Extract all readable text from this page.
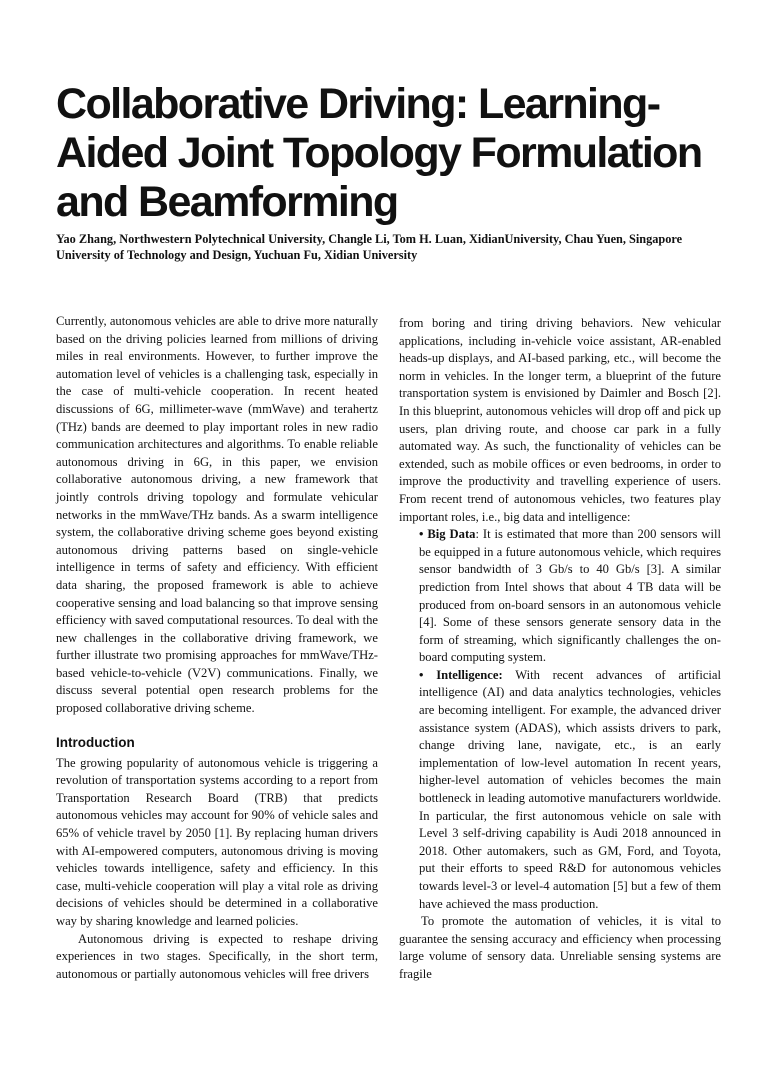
Collaborative Driving: Learning-Aided Joint Topology Formulation and Beamforming

Yao Zhang, Northwestern Polytechnical University, Changle Li, Tom H. Luan, XidianUniversity, Chau Yuen, Singapore University of Technology and Design, Yuchuan Fu, Xidian University

Currently, autonomous vehicles are able to drive more naturally based on the driving policies learned from millions of driving miles in real environments. However, to further improve the automation level of vehicles is a challenging task, especially in the case of multi-vehicle cooperation. In recent heated discussions of 6G, millimeter-wave (mmWave) and terahertz (THz) bands are deemed to play important roles in new radio communication architectures and algorithms. To enable reliable autonomous driving in 6G, in this paper, we envision collaborative autonomous driving, a new framework that jointly controls driving topology and formulate vehicular networks in the mmWave/THz bands. As a swarm intelligence system, the collaborative driving scheme goes beyond existing autonomous driving patterns based on single-vehicle intelligence in terms of safety and efficiency. With efficient data sharing, the proposed framework is able to achieve cooperative sensing and load balancing so that improve sensing efficiency with saved computational resources. To deal with the new challenges in the collaborative driving framework, we further illustrate two promising approaches for mmWave/THz-based vehicle-to-vehicle (V2V) communications. Finally, we discuss several potential open research problems for the proposed collaborative driving scheme.

Introduction

The growing popularity of autonomous vehicle is triggering a revolution of transportation systems according to a report from Transportation Research Board (TRB) that predicts autonomous vehicles may account for 90% of vehicle sales and 65% of vehicle travel by 2050 [1]. By replacing human drivers with AI-empowered computers, autonomous driving is moving vehicles towards intelligence, safety and efficiency. In this case, multi-vehicle cooperation will play a vital role as driving decisions of vehicles should be determined in a collaborative way by sharing knowledge and learned policies.

Autonomous driving is expected to reshape driving experiences in two stages. Specifically, in the short term, autonomous or partially autonomous vehicles will free drivers

from boring and tiring driving behaviors. New vehicular applications, including in-vehicle voice assistant, AR-enabled heads-up displays, and AI-based parking, etc., will become the norm in vehicles. In the longer term, a blueprint of the future transportation system is envisioned by Daimler and Bosch [2]. In this blueprint, autonomous vehicles will drop off and pick up users, plan driving route, and choose car park in a fully automated way. As such, the functionality of vehicles can be extended, such as mobile offices or even bedrooms, in order to improve the productivity and travelling experience of users. From recent trend of autonomous vehicles, two features play important roles, i.e., big data and intelligence:

• Big Data: It is estimated that more than 200 sensors will be equipped in a future autonomous vehicle, which requires sensor bandwidth of 3 Gb/s to 40 Gb/s [3]. A similar prediction from Intel shows that about 4 TB data will be produced from on-board sensors in an autonomous vehicle [4]. Some of these sensors generate sensory data in the form of streaming, which significantly challenges the on-board computing system.

• Intelligence: With recent advances of artificial intelligence (AI) and data analytics technologies, vehicles are becoming intelligent. For example, the advanced driver assistance system (ADAS), which assists drivers to park, change driving lane, navigate, etc., is an early implementation of low-level automation In recent years, higher-level automation of vehicles becomes the main bottleneck in leading automotive manufacturers worldwide. In particular, the first autonomous vehicle on sale with Level 3 self-driving capability is Audi 2018 announced in 2018. Other automakers, such as GM, Ford, and Toyota, put their efforts to speed R&D for autonomous vehicles towards level-3 or level-4 automation [5] but a few of them have achieved the mass production.

To promote the automation of vehicles, it is vital to guarantee the sensing accuracy and efficiency when processing large volume of sensory data. Unreliable sensing systems are fragile
